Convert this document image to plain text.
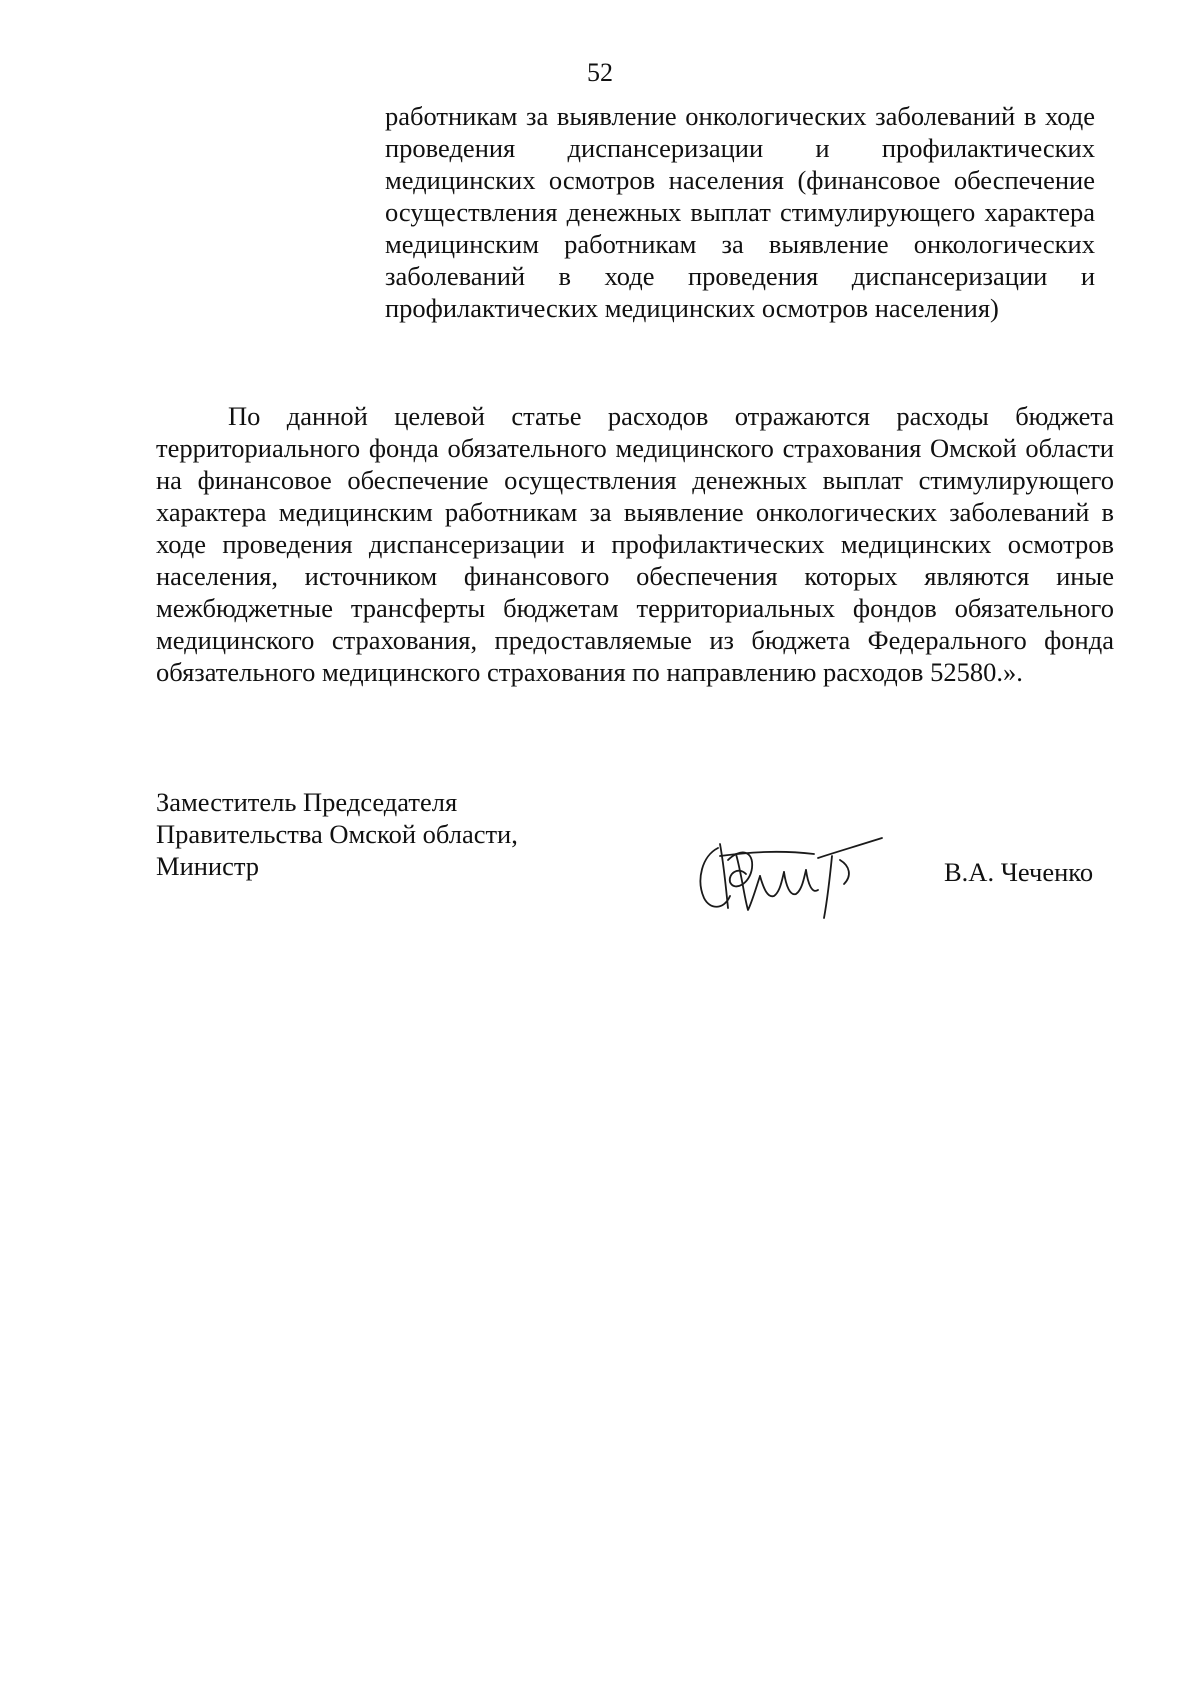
52

работникам за выявление онкологических заболеваний в ходе проведения диспансеризации и профилактических медицинских осмотров населения (финансовое обеспечение осуществления денежных выплат стимулирующего характера медицинским работникам за выявление онкологических заболеваний в ходе проведения диспансеризации и профилактических медицинских осмотров населения)

По данной целевой статье расходов отражаются расходы бюджета территориального фонда обязательного медицинского страхования Омской области на финансовое обеспечение осуществления денежных выплат стимулирующего характера медицинским работникам за выявление онкологических заболеваний в ходе проведения диспансеризации и профилактических медицинских осмотров населения, источником финансового обеспечения которых являются иные межбюджетные трансферты бюджетам территориальных фондов обязательного медицинского страхования, предоставляемые из бюджета Федерального фонда обязательного медицинского страхования по направлению расходов 52580.».

Заместитель Председателя
Правительства Омской области,
Министр	В.А. Чеченко
